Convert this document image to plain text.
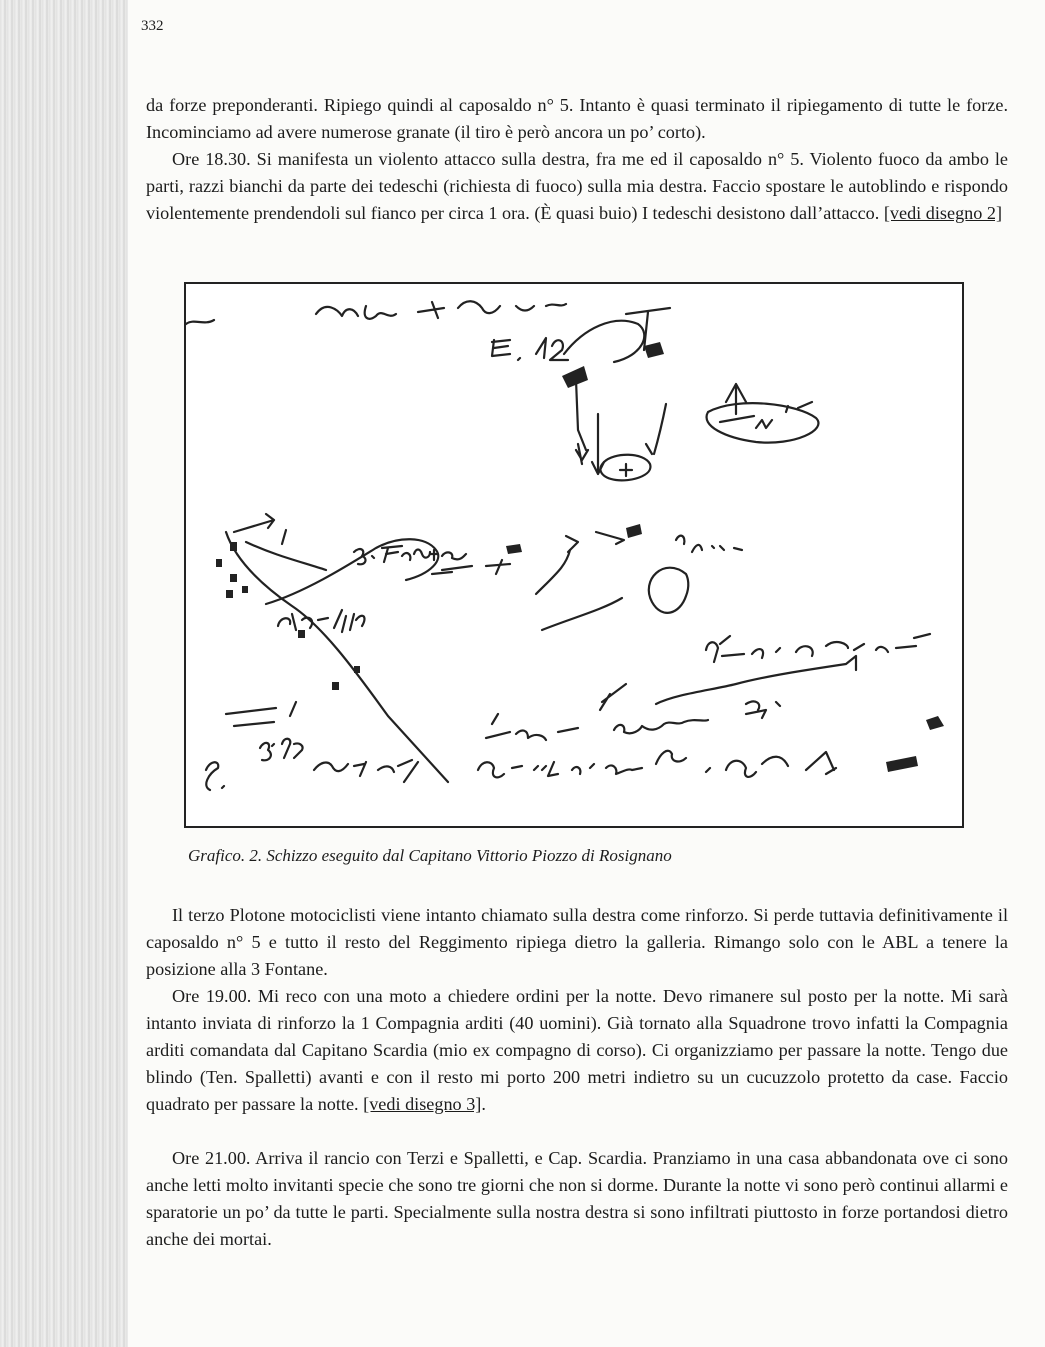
332

da forze preponderanti. Ripiego quindi al caposaldo n° 5. Intanto è quasi terminato il ripiegamento di tutte le forze. Incominciamo ad avere numerose granate (il tiro è però ancora un po’ corto).

Ore 18.30. Si manifesta un violento attacco sulla destra, fra me ed il caposaldo n° 5. Violento fuoco da ambo le parti, razzi bianchi da parte dei tedeschi (richiesta di fuoco) sulla mia destra. Faccio spostare le autoblindo e rispondo violentemente prendendoli sul fianco per circa 1 ora. (È quasi buio) I tedeschi desistono dall’attacco. [vedi disegno 2]

Grafico. 2. Schizzo eseguito dal Capitano Vittorio Piozzo di Rosignano

Il terzo Plotone motociclisti viene intanto chiamato sulla destra come rinforzo. Si perde tuttavia definitivamente il caposaldo n° 5 e tutto il resto del Reggimento ripiega dietro la galleria. Rimango solo con le ABL a tenere la posizione alla 3 Fontane.

Ore 19.00. Mi reco con una moto a chiedere ordini per la notte. Devo rimanere sul posto per la notte. Mi sarà intanto inviata di rinforzo la 1 Compagnia arditi (40 uomini). Già tornato alla Squadrone trovo infatti la Compagnia arditi comandata dal Capitano Scardia (mio ex compagno di corso). Ci organizziamo per passare la notte. Tengo due blindo (Ten. Spalletti) avanti e con il resto mi porto 200 metri indietro su un cucuzzolo protetto da case. Faccio quadrato per passare la notte. [vedi disegno 3].

Ore 21.00. Arriva il rancio con Terzi e Spalletti, e Cap. Scardia. Pranziamo in una casa abbandonata ove ci sono anche letti molto invitanti specie che sono tre giorni che non si dorme. Durante la notte vi sono però continui allarmi e sparatorie un po’ da tutte le parti. Specialmente sulla nostra destra si sono infiltrati piuttosto in forze portandosi dietro anche dei mortai.
